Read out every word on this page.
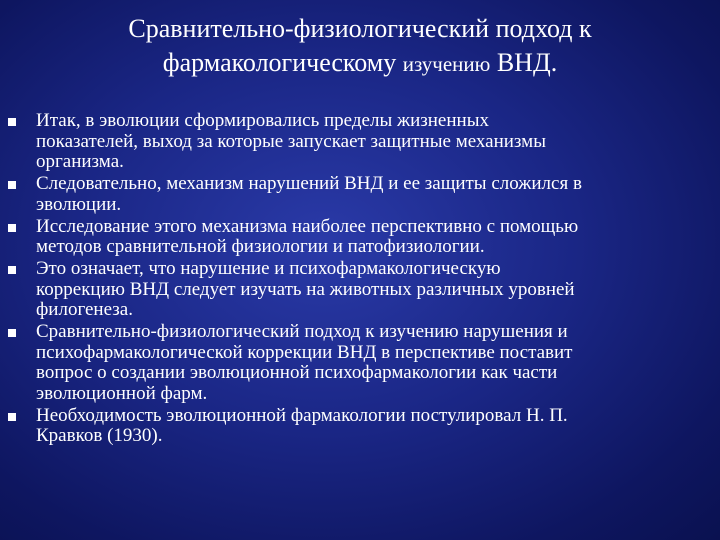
Сравнительно-физиологический подход к
фармакологическому изучению ВНД.
Итак, в эволюции сформировались пределы жизненных
показателей, выход за которые запускает защитные механизмы
организма.
Следовательно, механизм нарушений ВНД и ее защиты сложился в
эволюции.
Исследование этого механизма наиболее перспективно с помощью
методов сравнительной физиологии и патофизиологии.
Это означает, что нарушение и психофармакологическую
коррекцию ВНД следует изучать на животных различных уровней
филогенеза.
Сравнительно-физиологический подход к изучению нарушения и
психофармакологической коррекции ВНД в перспективе поставит
вопрос о создании эволюционной психофармакологии как части
эволюционной фарм.
Необходимость эволюционной фармакологии постулировал Н. П.
Кравков (1930).
